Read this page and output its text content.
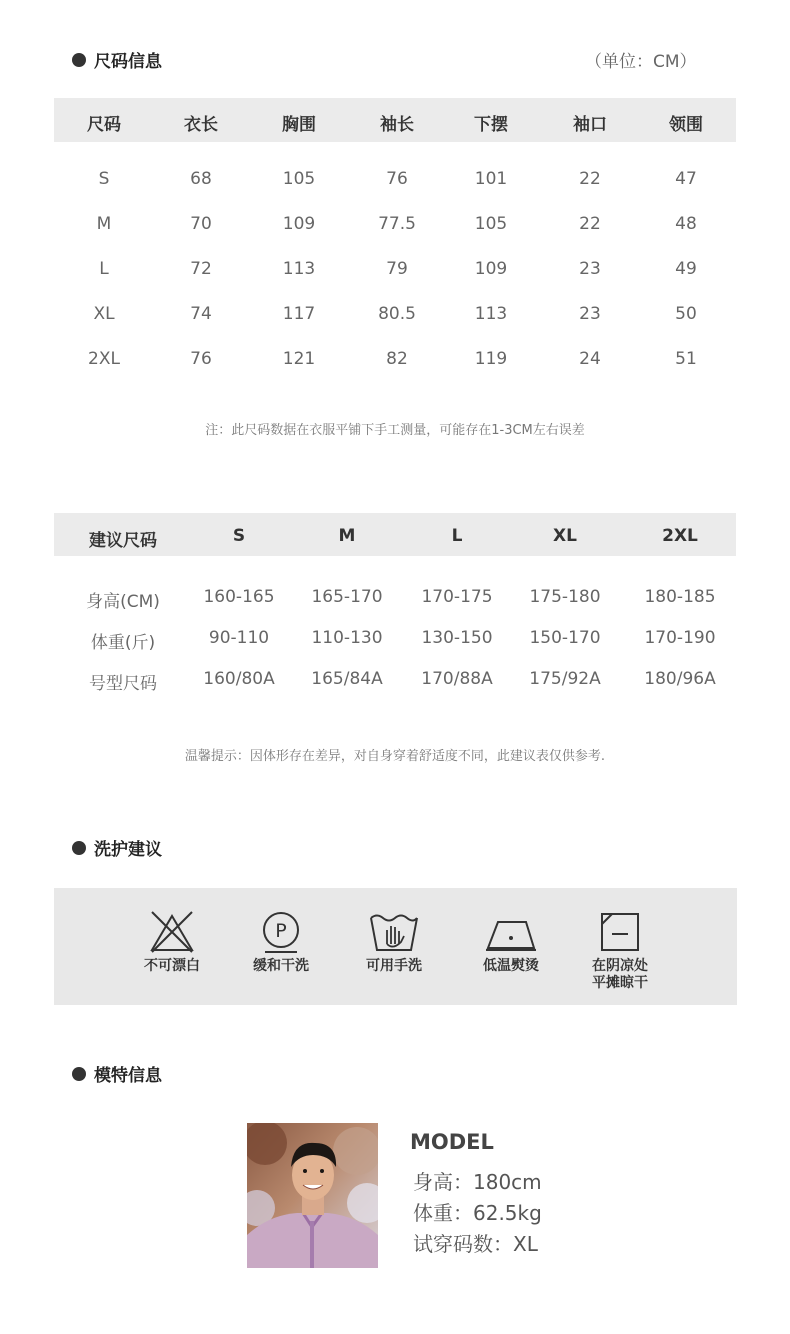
尺码信息	（单位：CM）
尺码	衣长	胸围	袖长	下摆	袖口	领围
S	68	105	76	101	22	47
M	70	109	77.5	105	22	48
L	72	113	79	109	23	49
XL	74	117	80.5	113	23	50
2XL	76	121	82	119	24	51
注：此尺码数据在衣服平铺下手工测量，可能存在1-3CM左右误差
建议尺码	S	M	L	XL	2XL
身高(CM)	160-165 165-170 170-175 175-180	180-185
体重(斤)	90-110 110-130 130-150 150-170	170-190
号型尺码	160/80A 165/84A 170/88A 175/92A	180/96A
温馨提示：因体形存在差异，对自身穿着舒适度不同，此建议表仅供参考.
洗护建议
不可漂白
P
缓和干洗	可用手洗	低温熨烫	在阴凉处
平摊晾干
模特信息
MODEL
身高：180cm
体重：62.5kg
试穿码数：XL
